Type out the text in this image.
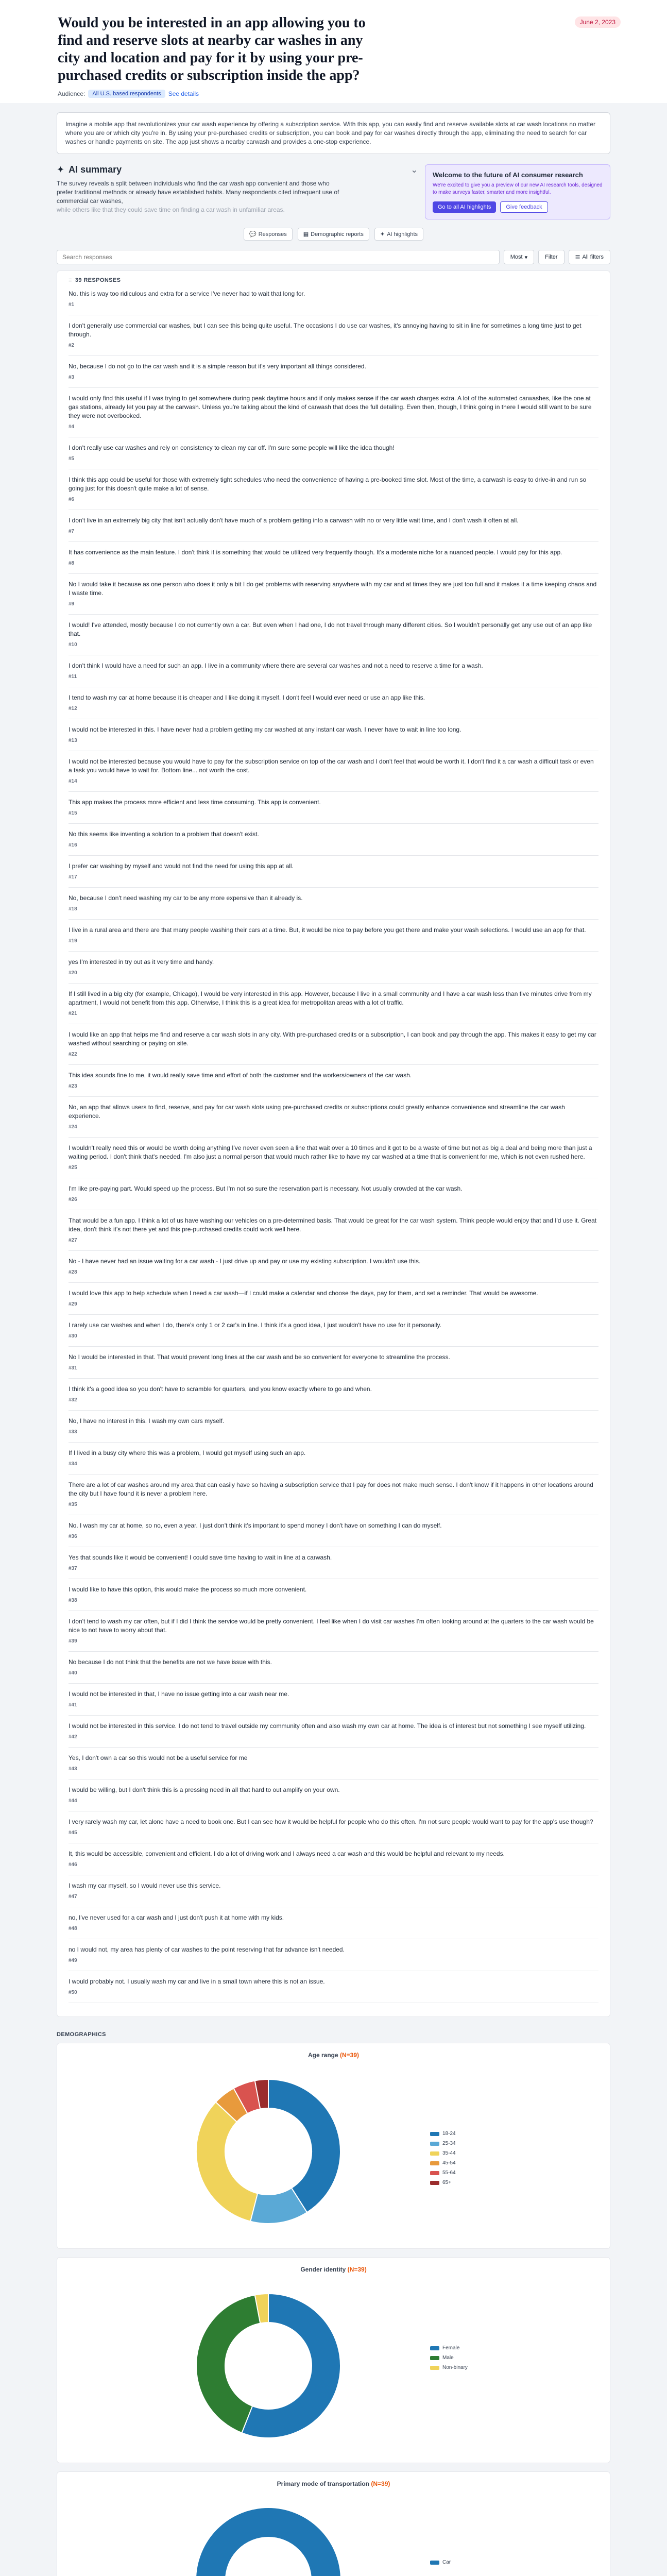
Would you be interested in an app allowing you to find and reserve slots at nearby car washes in any city and location and pay for it by using your pre-purchased credits or subscription inside the app?
June 2, 2023
Audience:	All U.S. based respondents	See details
Imagine a mobile app that revolutionizes your car wash experience by offering a subscription service. With this app, you can easily find and reserve available slots at car wash locations no matter where you are or which city you're in. By using your pre-purchased credits or subscription, you can book and pay for car washes directly through the app, eliminating the need to search for car washes or handle payments on site. The app just shows a nearby carwash and provides a one-stop experience.
✦ AI summary	⌄

The survey reveals a split between individuals who find the car wash app convenient and those who prefer traditional methods or already have established habits. Many respondents cited infrequent use of commercial car washes,

while others like that they could save time on finding a car wash in unfamiliar areas.

Welcome to the future of AI consumer research

We're excited to give you a preview of our new AI research tools, designed to make surveys faster, smarter and more insightful.

Go to all AI highlights	Give feedback
💬 Responses	▦ Demographic reports	✦ AI highlights
Search responses
Most ▾	Filter	☰ All filters
≡ 39 RESPONSES
No. this is way too ridiculous and extra for a service I've never had to wait that long for.
#1
I don't generally use commercial car washes, but I can see this being quite useful. The occasions I do use car washes, it's annoying having to sit in line for sometimes a long time just to get through.
#2
No, because I do not go to the car wash and it is a simple reason but it's very important all things considered.
#3
I would only find this useful if I was trying to get somewhere during peak daytime hours and if only makes sense if the car wash charges extra. A lot of the automated carwashes, like the one at gas stations, already let you pay at the carwash. Unless you're talking about the kind of carwash that does the full detailing. Even then, though, I think going in there I would still want to be sure they were not overbooked.
#4
I don't really use car washes and rely on consistency to clean my car off. I'm sure some people will like the idea though!
#5
I think this app could be useful for those with extremely tight schedules who need the convenience of having a pre-booked time slot. Most of the time, a carwash is easy to drive-in and run so going just for this doesn't quite make a lot of sense.
#6
I don't live in an extremely big city that isn't actually don't have much of a problem getting into a carwash with no or very little wait time, and I don't wash it often at all.
#7
It has convenience as the main feature. I don't think it is something that would be utilized very frequently though. It's a moderate niche for a nuanced people. I would pay for this app.
#8
No I would take it because as one person who does it only a bit I do get problems with reserving anywhere with my car and at times they are just too full and it makes it a time keeping chaos and I waste time.
#9
I would! I've attended, mostly because I do not currently own a car. But even when I had one, I do not travel through many different cities. So I wouldn't personally get any use out of an app like that.
#10
I don't think I would have a need for such an app. I live in a community where there are several car washes and not a need to reserve a time for a wash.
#11
I tend to wash my car at home because it is cheaper and I like doing it myself. I don't feel I would ever need or use an app like this.
#12
I would not be interested in this. I have never had a problem getting my car washed at any instant car wash. I never have to wait in line too long.
#13
I would not be interested because you would have to pay for the subscription service on top of the car wash and I don't feel that would be worth it. I don't find it a car wash a difficult task or even a task you would have to wait for. Bottom line... not worth the cost.
#14
This app makes the process more efficient and less time consuming. This app is convenient.
#15
No this seems like inventing a solution to a problem that doesn't exist.
#16
I prefer car washing by myself and would not find the need for using this app at all.
#17
No, because I don't need washing my car to be any more expensive than it already is.
#18
I live in a rural area and there are that many people washing their cars at a time. But, it would be nice to pay before you get there and make your wash selections. I would use an app for that.
#19
yes I'm interested in try out as it very time and handy.
#20
If I still lived in a big city (for example, Chicago), I would be very interested in this app. However, because I live in a small community and I have a car wash less than five minutes drive from my apartment, I would not benefit from this app. Otherwise, I think this is a great idea for metropolitan areas with a lot of traffic.
#21
I would like an app that helps me find and reserve a car wash slots in any city. With pre-purchased credits or a subscription, I can book and pay through the app. This makes it easy to get my car washed without searching or paying on site.
#22
This idea sounds fine to me, it would really save time and effort of both the customer and the workers/owners of the car wash.
#23
No, an app that allows users to find, reserve, and pay for car wash slots using pre-purchased credits or subscriptions could greatly enhance convenience and streamline the car wash experience.
#24
I wouldn't really need this or would be worth doing anything I've never even seen a line that wait over a 10 times and it got to be a waste of time but not as big a deal and being more than just a waiting period. I don't think that's needed. I'm also just a normal person that would much rather like to have my car washed at a time that is convenient for me, which is not even rushed here.
#25
I'm like pre-paying part. Would speed up the process. But I'm not so sure the reservation part is necessary. Not usually crowded at the car wash.
#26
That would be a fun app. I think a lot of us have washing our vehicles on a pre-determined basis. That would be great for the car wash system. Think people would enjoy that and I'd use it. Great idea, don't think it's not there yet and this pre-purchased credits could work well here.
#27
No - I have never had an issue waiting for a car wash - I just drive up and pay or use my existing subscription. I wouldn't use this.
#28
I would love this app to help schedule when I need a car wash—if I could make a calendar and choose the days, pay for them, and set a reminder. That would be awesome.
#29
I rarely use car washes and when I do, there's only 1 or 2 car's in line. I think it's a good idea, I just wouldn't have no use for it personally.
#30
No I would be interested in that. That would prevent long lines at the car wash and be so convenient for everyone to streamline the process.
#31
I think it's a good idea so you don't have to scramble for quarters, and you know exactly where to go and when.
#32
No, I have no interest in this. I wash my own cars myself.
#33
If I lived in a busy city where this was a problem, I would get myself using such an app.
#34
There are a lot of car washes around my area that can easily have so having a subscription service that I pay for does not make much sense. I don't know if it happens in other locations around the city but I have found it is never a problem here.
#35
No. I wash my car at home, so no, even a year. I just don't think it's important to spend money I don't have on something I can do myself.
#36
Yes that sounds like it would be convenient! I could save time having to wait in line at a carwash.
#37
I would like to have this option, this would make the process so much more convenient.
#38
I don't tend to wash my car often, but if I did I think the service would be pretty convenient. I feel like when I do visit car washes I'm often looking around at the quarters to the car wash would be nice to not have to worry about that.
#39
No because I do not think that the benefits are not we have issue with this.
#40
I would not be interested in that, I have no issue getting into a car wash near me.
#41
I would not be interested in this service. I do not tend to travel outside my community often and also wash my own car at home. The idea is of interest but not something I see myself utilizing.
#42
Yes, I don't own a car so this would not be a useful service for me
#43
I would be willing, but I don't think this is a pressing need in all that hard to out amplify on your own.
#44
I very rarely wash my car, let alone have a need to book one. But I can see how it would be helpful for people who do this often. I'm not sure people would want to pay for the app's use though?
#45
It, this would be accessible, convenient and efficient. I do a lot of driving work and I always need a car wash and this would be helpful and relevant to my needs.
#46
I wash my car myself, so I would never use this service.
#47
no, I've never used for a car wash and I just don't push it at home with my kids.
#48
no I would not, my area has plenty of car washes to the point reserving that far advance isn't needed.
#49
I would probably not. I usually wash my car and live in a small town where this is not an issue.
#50
DEMOGRAPHICS
Age range (N=39)
18-24
25-34
35-44
45-54
55-64
65+
Gender identity (N=39)
Female
Male
Non-binary
Primary mode of transportation (N=39)
Car
